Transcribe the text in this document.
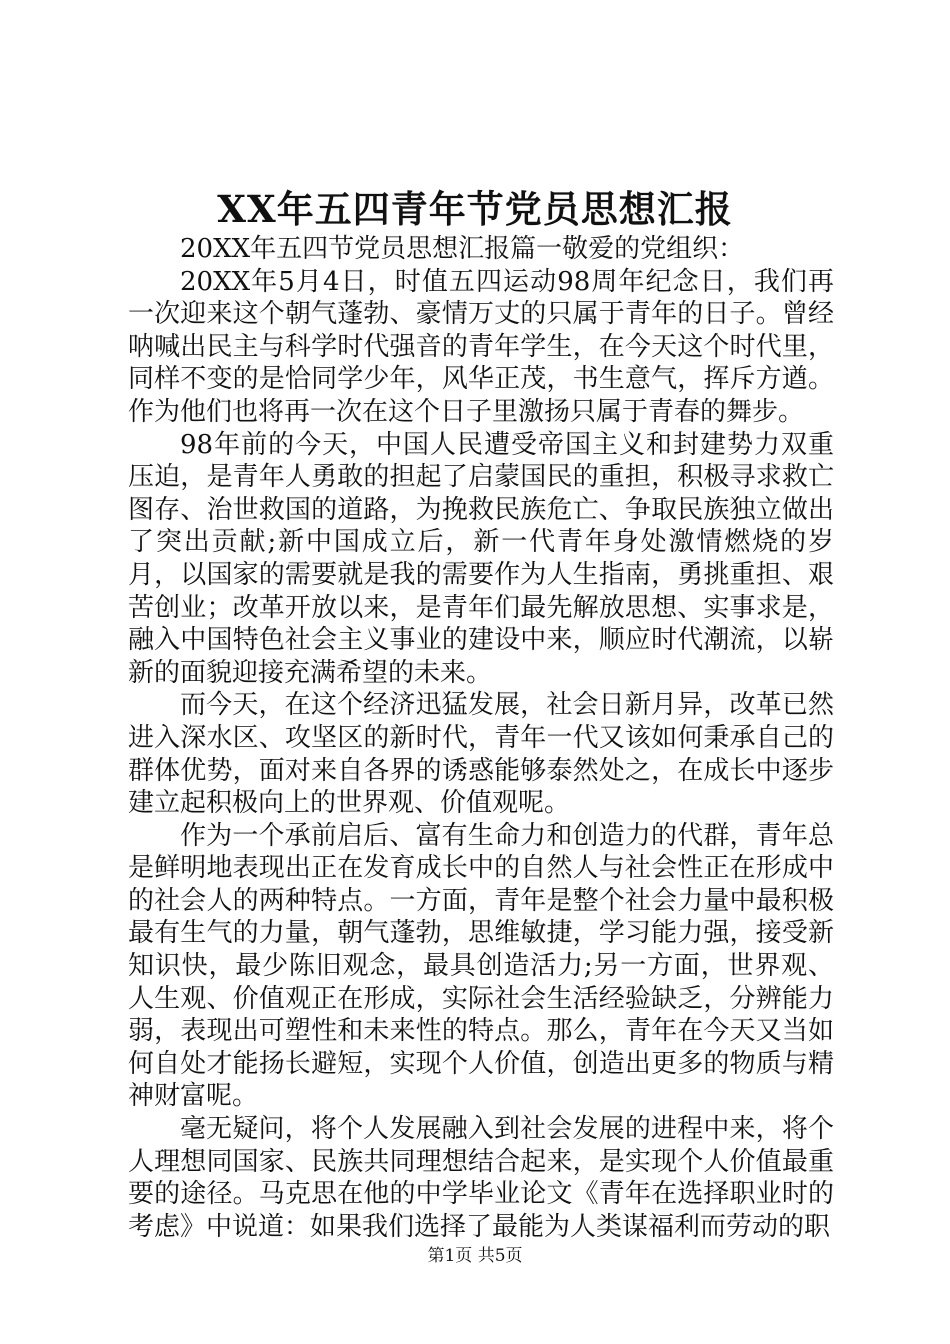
XX年五四青年节党员思想汇报

20XX年五四节党员思想汇报篇一敬爱的党组织：

20XX年5月4日，时值五四运动98周年纪念日，我们再一次迎来这个朝气蓬勃、豪情万丈的只属于青年的日子。曾经呐喊出民主与科学时代强音的青年学生，在今天这个时代里，同样不变的是恰同学少年，风华正茂，书生意气，挥斥方遒。作为他们也将再一次在这个日子里激扬只属于青春的舞步。

98年前的今天，中国人民遭受帝国主义和封建势力双重压迫，是青年人勇敢的担起了启蒙国民的重担，积极寻求救亡图存、治世救国的道路，为挽救民族危亡、争取民族独立做出了突出贡献;新中国成立后，新一代青年身处激情燃烧的岁月，以国家的需要就是我的需要作为人生指南，勇挑重担、艰苦创业；改革开放以来，是青年们最先解放思想、实事求是，融入中国特色社会主义事业的建设中来，顺应时代潮流，以崭新的面貌迎接充满希望的未来。

而今天，在这个经济迅猛发展，社会日新月异，改革已然进入深水区、攻坚区的新时代，青年一代又该如何秉承自己的群体优势，面对来自各界的诱惑能够泰然处之，在成长中逐步建立起积极向上的世界观、价值观呢。

作为一个承前启后、富有生命力和创造力的代群，青年总是鲜明地表现出正在发育成长中的自然人与社会性正在形成中的社会人的两种特点。一方面，青年是整个社会力量中最积极最有生气的力量，朝气蓬勃，思维敏捷，学习能力强，接受新知识快，最少陈旧观念，最具创造活力;另一方面，世界观、人生观、价值观正在形成，实际社会生活经验缺乏，分辨能力弱，表现出可塑性和未来性的特点。那么，青年在今天又当如何自处才能扬长避短，实现个人价值，创造出更多的物质与精神财富呢。

毫无疑问，将个人发展融入到社会发展的进程中来，将个人理想同国家、民族共同理想结合起来，是实现个人价值最重要的途径。马克思在他的中学毕业论文《青年在选择职业时的考虑》中说道：如果我们选择了最能为人类谋福利而劳动的职

第1页 共5页
